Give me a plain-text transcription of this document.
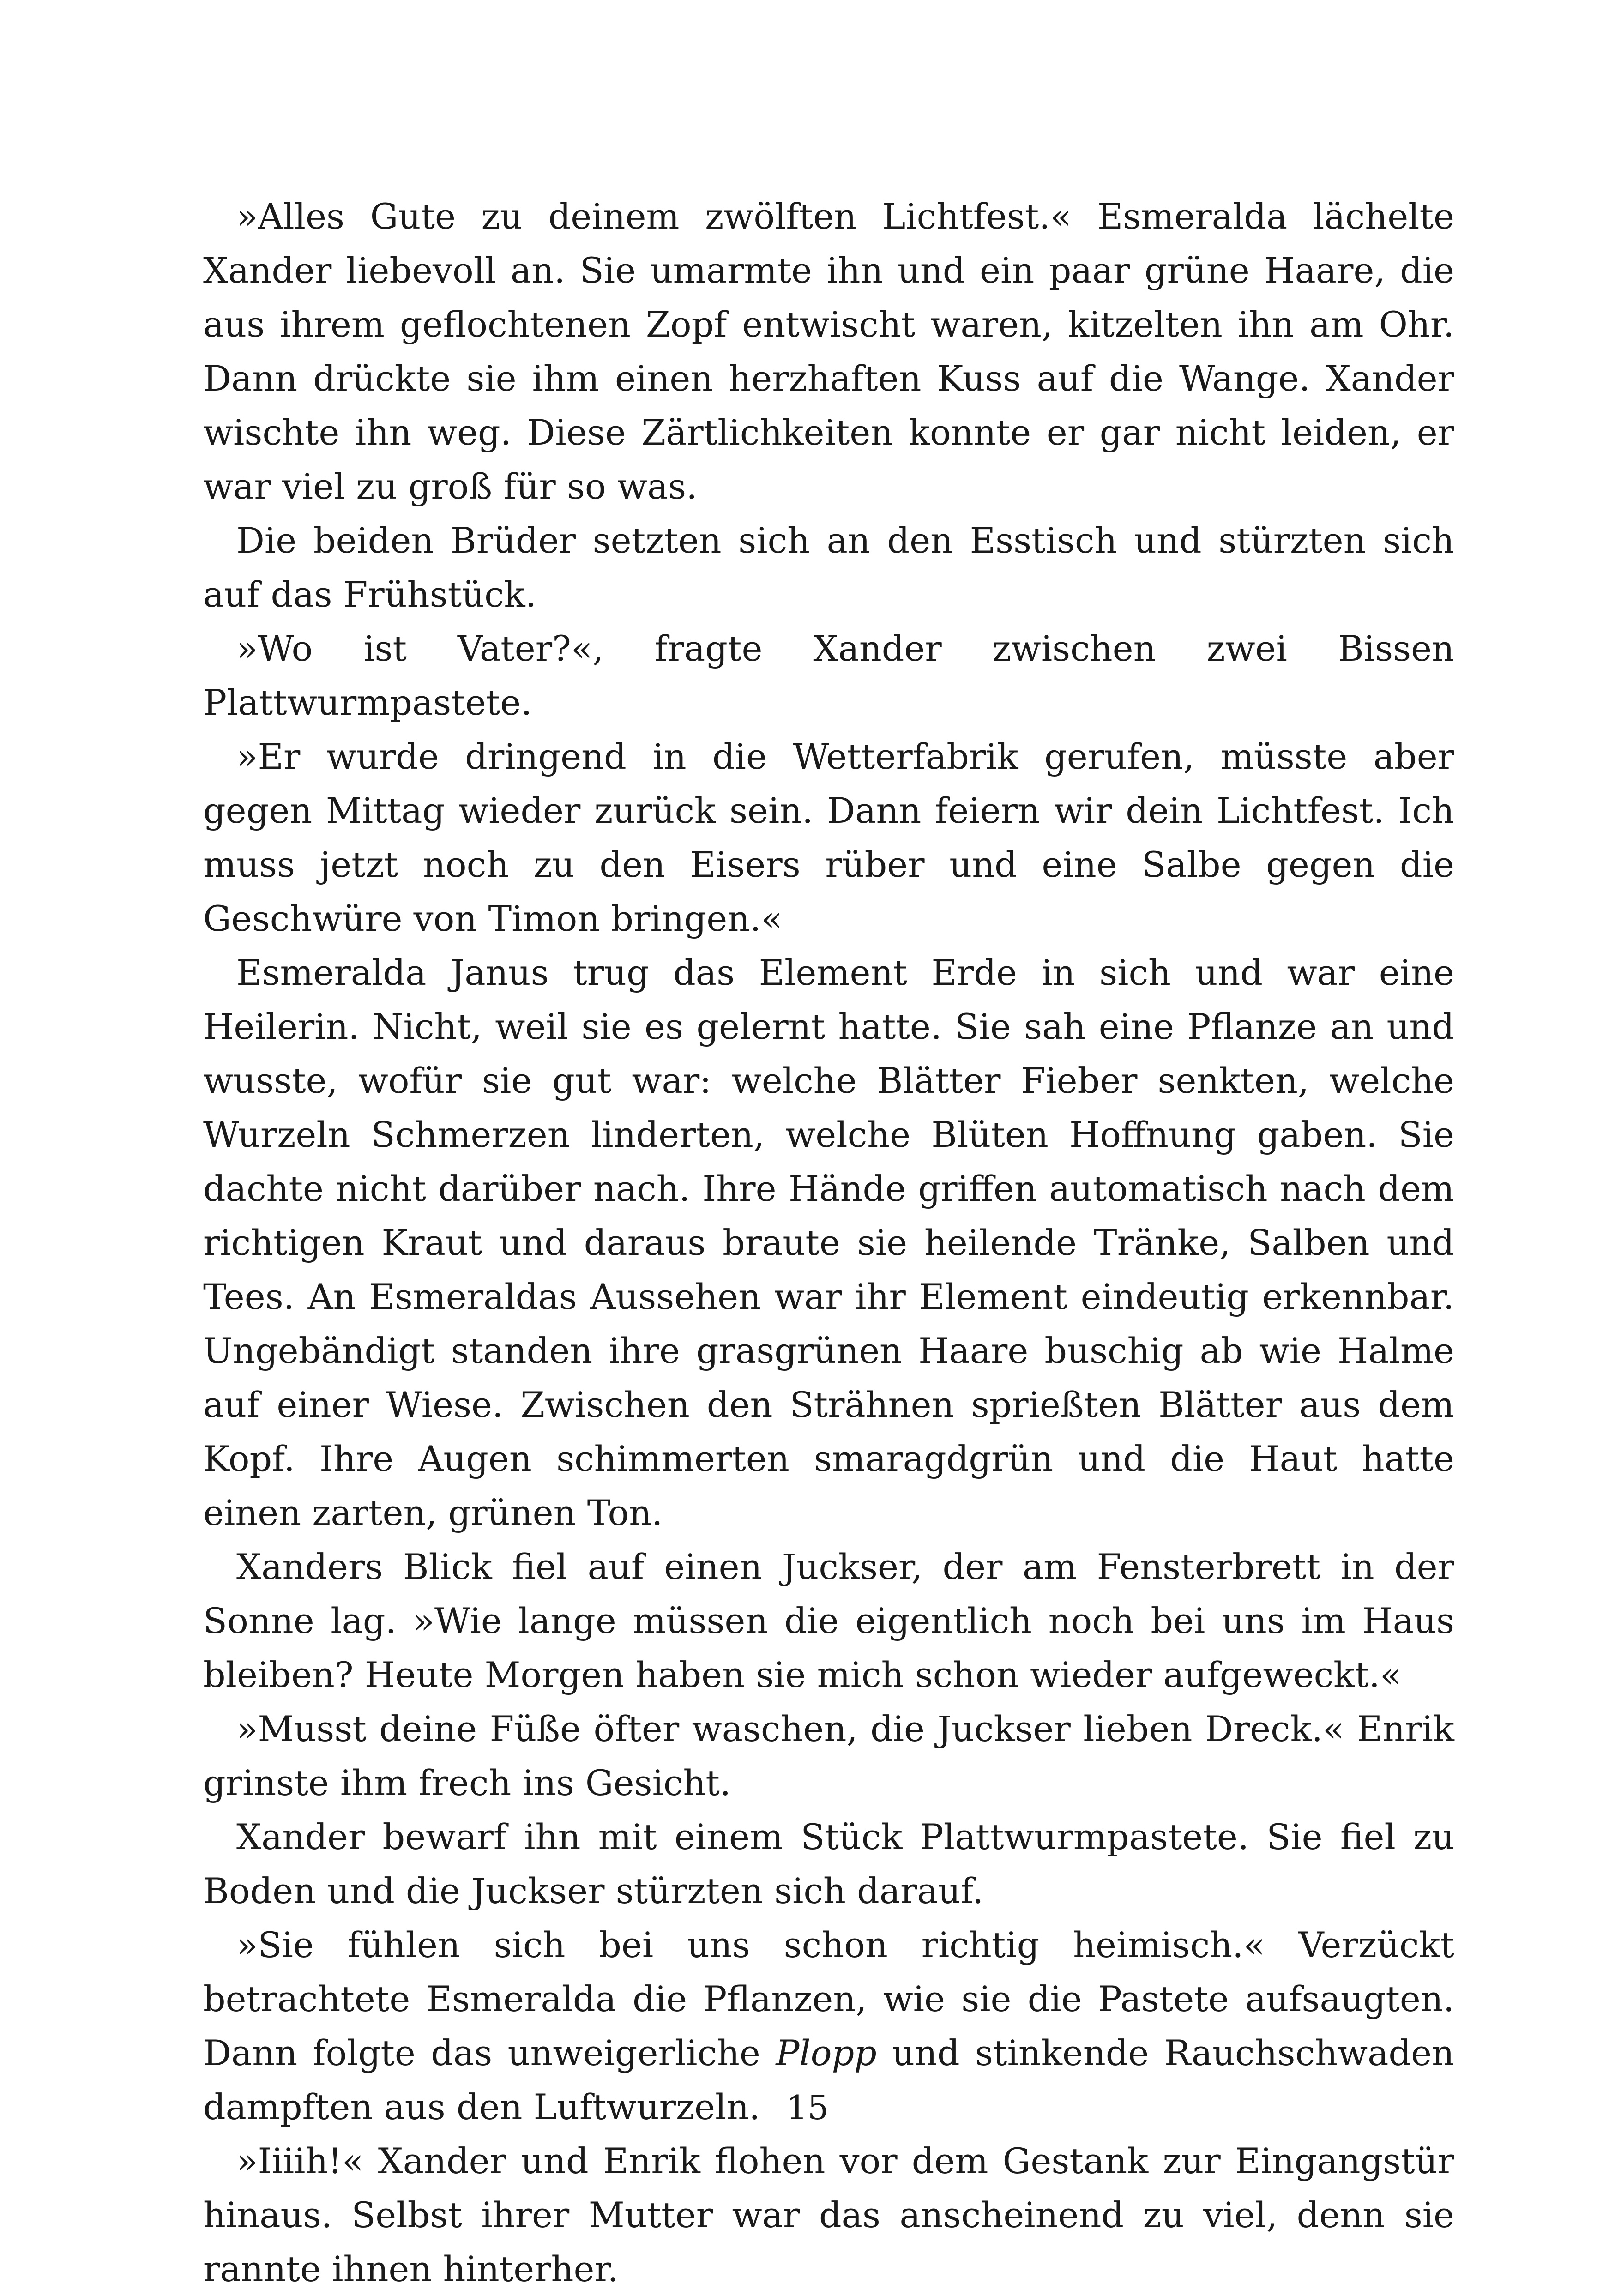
»Alles Gute zu deinem zwölften Lichtfest.« Esmeralda lächelte Xander liebevoll an. Sie umarmte ihn und ein paar grüne Haare, die aus ihrem geflochtenen Zopf entwischt waren, kitzelten ihn am Ohr. Dann drückte sie ihm einen herzhaften Kuss auf die Wange. Xander wischte ihn weg. Diese Zärtlichkeiten konnte er gar nicht leiden, er war viel zu groß für so was.

Die beiden Brüder setzten sich an den Esstisch und stürzten sich auf das Frühstück.

»Wo ist Vater?«, fragte Xander zwischen zwei Bissen Plattwurmpastete.

»Er wurde dringend in die Wetterfabrik gerufen, müsste aber gegen Mittag wieder zurück sein. Dann feiern wir dein Lichtfest. Ich muss jetzt noch zu den Eisers rüber und eine Salbe gegen die Geschwüre von Timon bringen.«

Esmeralda Janus trug das Element Erde in sich und war eine Heilerin. Nicht, weil sie es gelernt hatte. Sie sah eine Pflanze an und wusste, wofür sie gut war: welche Blätter Fieber senkten, welche Wurzeln Schmerzen linderten, welche Blüten Hoffnung gaben. Sie dachte nicht darüber nach. Ihre Hände griffen automatisch nach dem richtigen Kraut und daraus braute sie heilende Tränke, Salben und Tees. An Esmeraldas Aussehen war ihr Element eindeutig erkennbar. Ungebändigt standen ihre grasgrünen Haare buschig ab wie Halme auf einer Wiese. Zwischen den Strähnen sprießten Blätter aus dem Kopf. Ihre Augen schimmerten smaragdgrün und die Haut hatte einen zarten, grünen Ton.

Xanders Blick fiel auf einen Juckser, der am Fensterbrett in der Sonne lag. »Wie lange müssen die eigentlich noch bei uns im Haus bleiben? Heute Morgen haben sie mich schon wieder aufgeweckt.«

»Musst deine Füße öfter waschen, die Juckser lieben Dreck.« Enrik grinste ihm frech ins Gesicht.

Xander bewarf ihn mit einem Stück Plattwurmpastete. Sie fiel zu Boden und die Juckser stürzten sich darauf.

»Sie fühlen sich bei uns schon richtig heimisch.« Verzückt betrachtete Esmeralda die Pflanzen, wie sie die Pastete aufsaugten. Dann folgte das unweigerliche Plopp und stinkende Rauchschwaden dampften aus den Luftwurzeln.

»Iiiih!« Xander und Enrik flohen vor dem Gestank zur Eingangstür hinaus. Selbst ihrer Mutter war das anscheinend zu viel, denn sie rannte ihnen hinterher.

15
